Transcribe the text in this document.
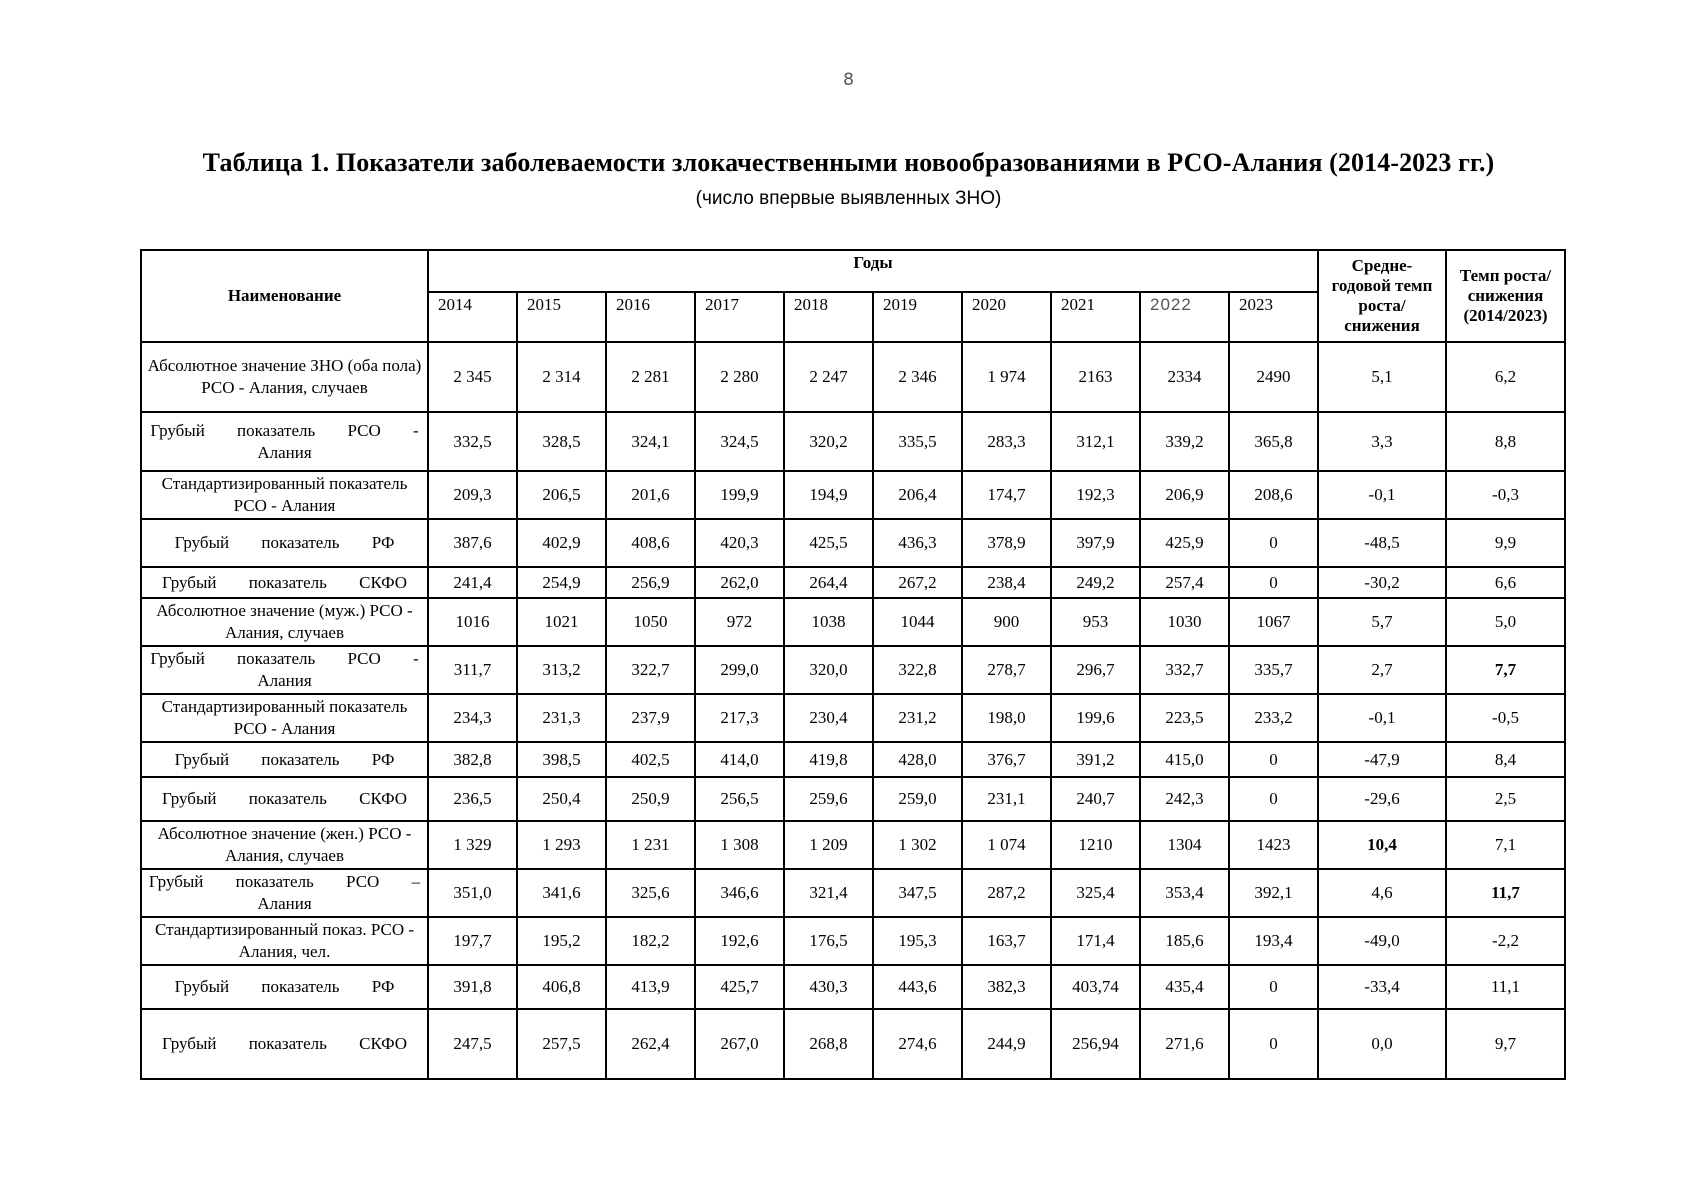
8
Таблица 1. Показатели заболеваемости злокачественными новообразованиями в РСО-Алания (2014-2023 гг.)
(число впервые выявленных ЗНО)
Наименование	Годы										Средне-годовой темп роста/ снижения	Темп роста/ снижения (2014/2023)
	2014	2015	2016	2017	2018	2019	2020	2021	2022	2023		
Абсолютное значение ЗНО (оба пола) РСО - Алания, случаев	2 345	2 314	2 281	2 280	2 247	2 346	1 974	2163	2334	2490	5,1	6,2
Грубый показатель РСО - Алания	332,5	328,5	324,1	324,5	320,2	335,5	283,3	312,1	339,2	365,8	3,3	8,8
Стандартизированный показатель РСО - Алания	209,3	206,5	201,6	199,9	194,9	206,4	174,7	192,3	206,9	208,6	-0,1	-0,3
Грубый показатель РФ	387,6	402,9	408,6	420,3	425,5	436,3	378,9	397,9	425,9	0	-48,5	9,9
Грубый показатель СКФО	241,4	254,9	256,9	262,0	264,4	267,2	238,4	249,2	257,4	0	-30,2	6,6
Абсолютное значение (муж.) РСО - Алания, случаев	1016	1021	1050	972	1038	1044	900	953	1030	1067	5,7	5,0
Грубый показатель РСО - Алания	311,7	313,2	322,7	299,0	320,0	322,8	278,7	296,7	332,7	335,7	2,7	7,7
Стандартизированный показатель РСО - Алания	234,3	231,3	237,9	217,3	230,4	231,2	198,0	199,6	223,5	233,2	-0,1	-0,5
Грубый показатель РФ	382,8	398,5	402,5	414,0	419,8	428,0	376,7	391,2	415,0	0	-47,9	8,4
Грубый показатель СКФО	236,5	250,4	250,9	256,5	259,6	259,0	231,1	240,7	242,3	0	-29,6	2,5
Абсолютное значение (жен.) РСО - Алания, случаев	1 329	1 293	1 231	1 308	1 209	1 302	1 074	1210	1304	1423	10,4	7,1
Грубый показатель РСО – Алания	351,0	341,6	325,6	346,6	321,4	347,5	287,2	325,4	353,4	392,1	4,6	11,7
Стандартизированный показ. РСО - Алания, чел.	197,7	195,2	182,2	192,6	176,5	195,3	163,7	171,4	185,6	193,4	-49,0	-2,2
Грубый показатель РФ	391,8	406,8	413,9	425,7	430,3	443,6	382,3	403,74	435,4	0	-33,4	11,1
Грубый показатель СКФО	247,5	257,5	262,4	267,0	268,8	274,6	244,9	256,94	271,6	0	0,0	9,7
